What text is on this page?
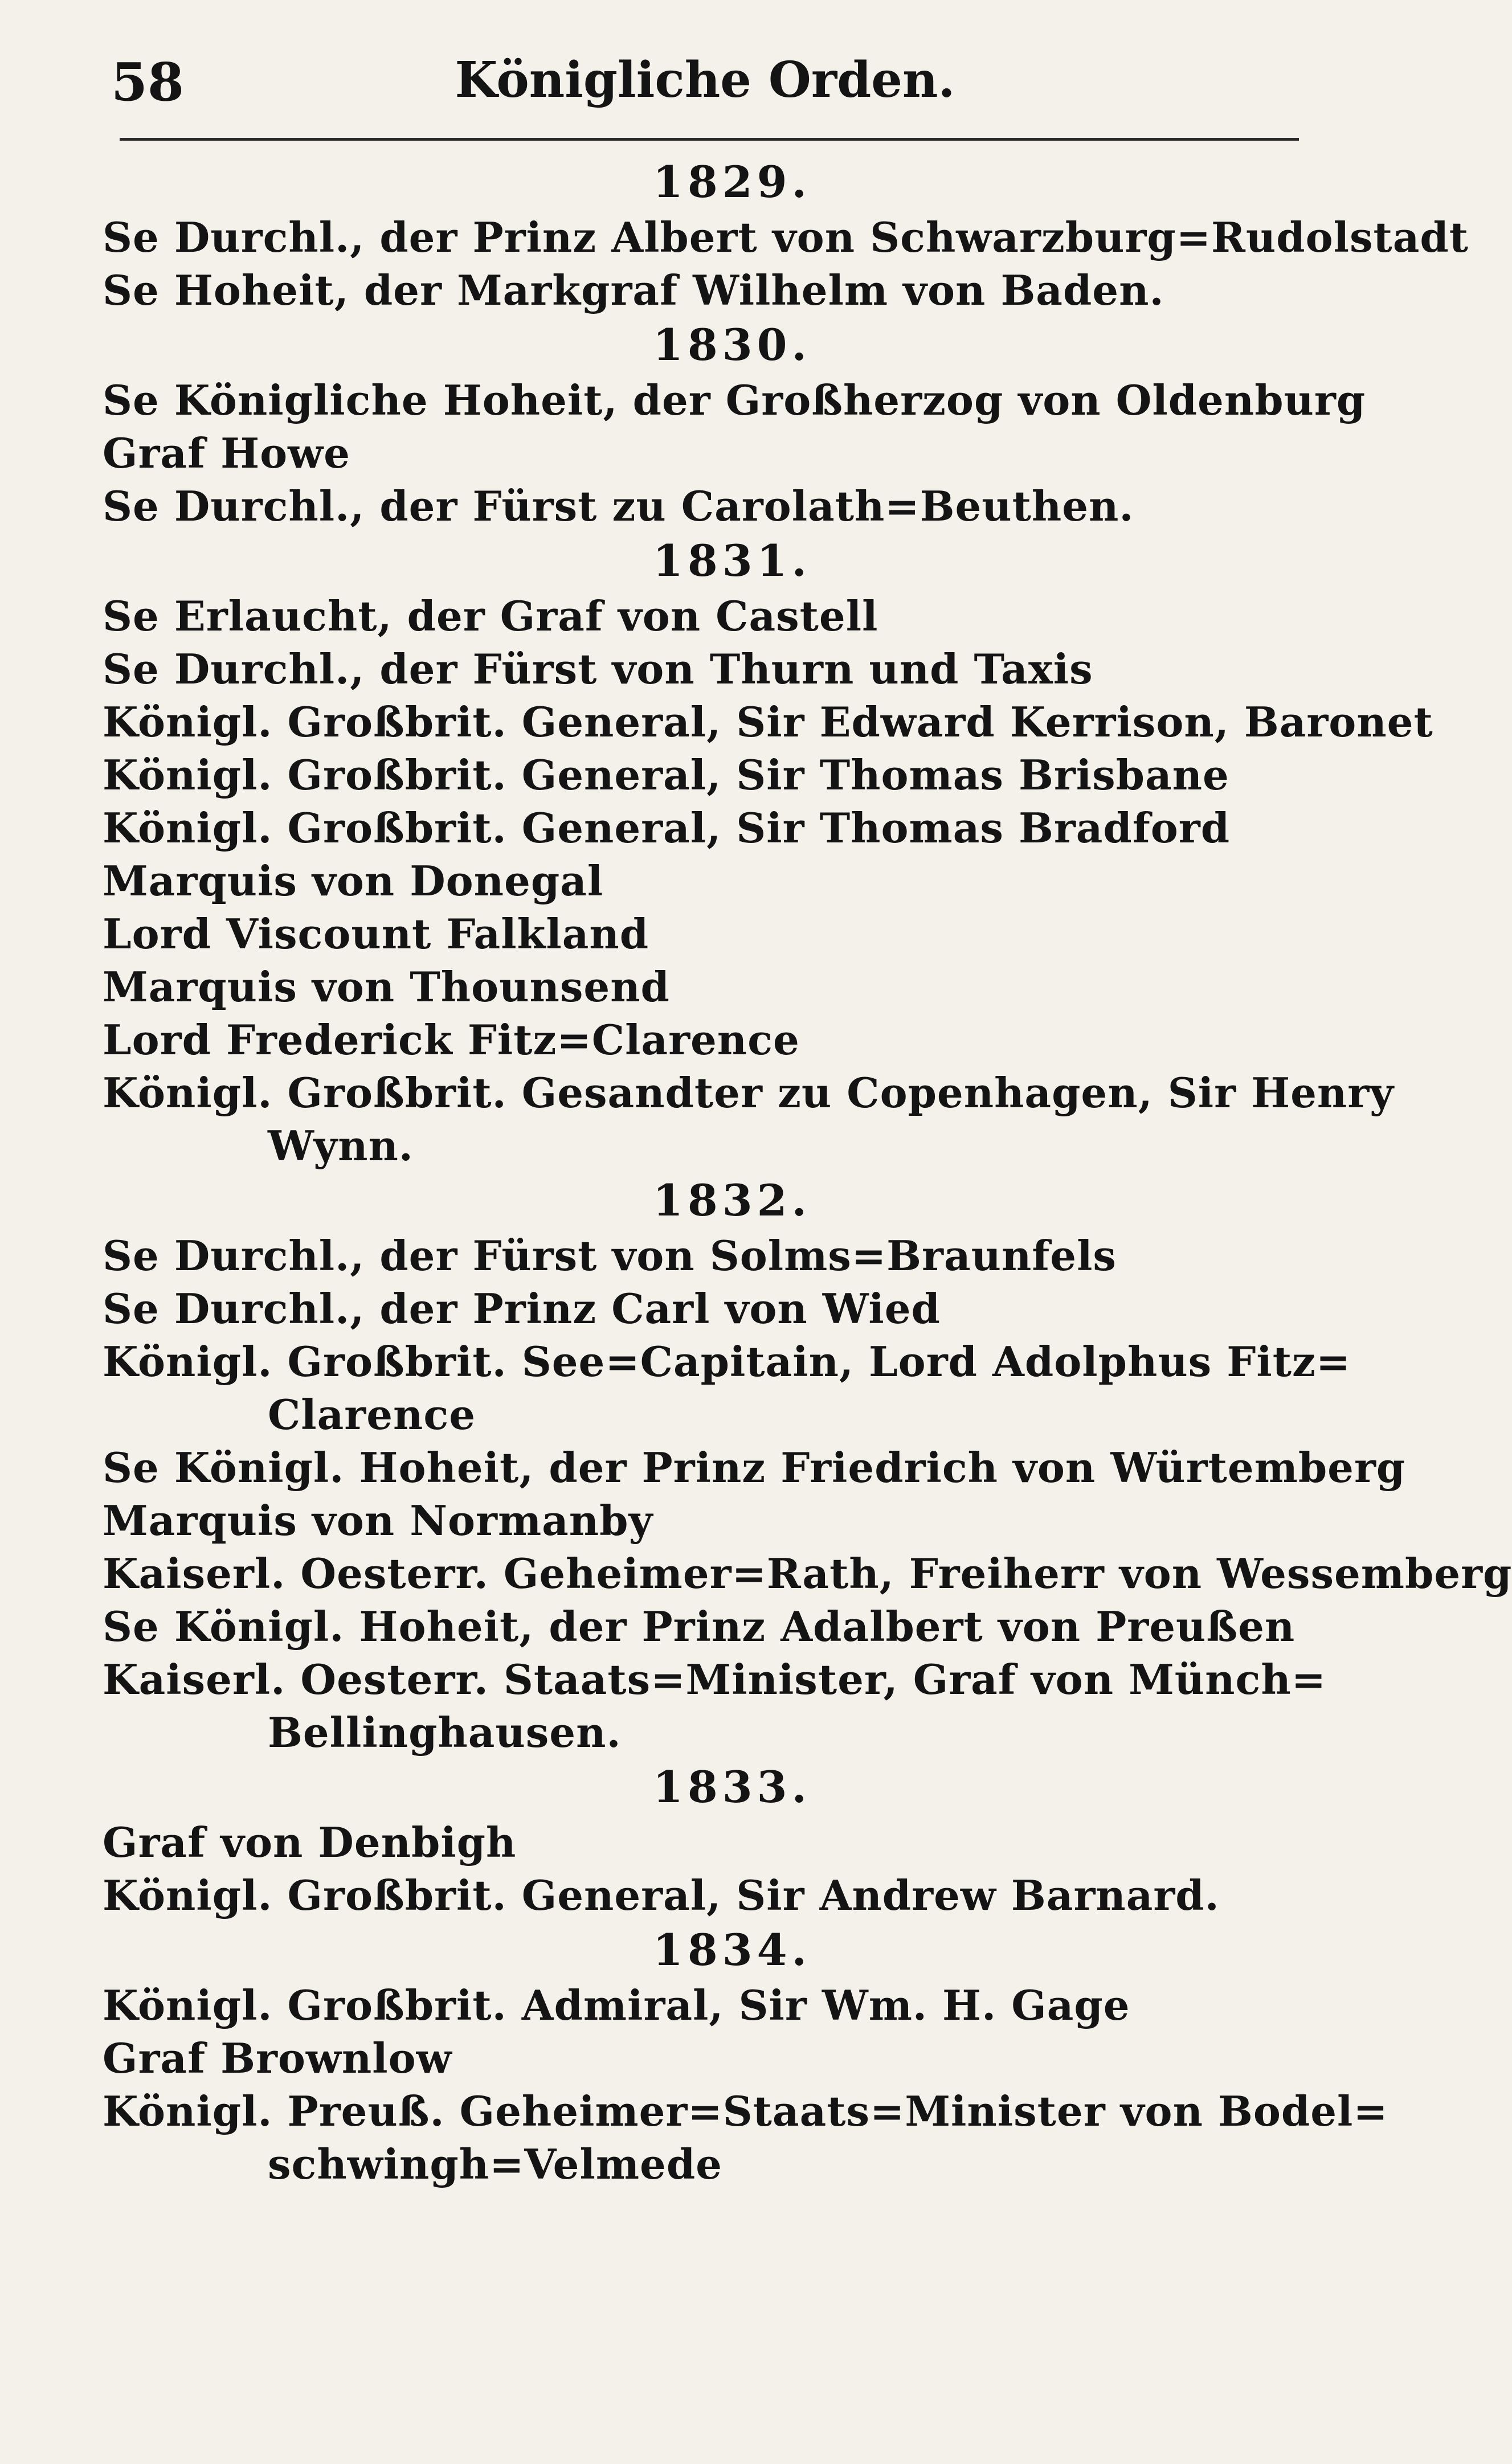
58	Königliche Orden.
1829.
Se Durchl., der Prinz Albert von Schwarzburg=Rudolstadt
Se Hoheit, der Markgraf Wilhelm von Baden.
1830.
Se Königliche Hoheit, der Großherzog von Oldenburg
Graf Howe
Se Durchl., der Fürst zu Carolath=Beuthen.
1831.
Se Erlaucht, der Graf von Castell
Se Durchl., der Fürst von Thurn und Taxis
Königl. Großbrit. General, Sir Edward Kerrison, Baronet
Königl. Großbrit. General, Sir Thomas Brisbane
Königl. Großbrit. General, Sir Thomas Bradford
Marquis von Donegal
Lord Viscount Falkland
Marquis von Thounsend
Lord Frederick Fitz=Clarence
Königl. Großbrit. Gesandter zu Copenhagen, Sir Henry
Wynn.
1832.
Se Durchl., der Fürst von Solms=Braunfels
Se Durchl., der Prinz Carl von Wied
Königl. Großbrit. See=Capitain, Lord Adolphus Fitz=
Clarence
Se Königl. Hoheit, der Prinz Friedrich von Würtemberg
Marquis von Normanby
Kaiserl. Oesterr. Geheimer=Rath, Freiherr von Wessemberg
Se Königl. Hoheit, der Prinz Adalbert von Preußen
Kaiserl. Oesterr. Staats=Minister, Graf von Münch=
Bellinghausen.
1833.
Graf von Denbigh
Königl. Großbrit. General, Sir Andrew Barnard.
1834.
Königl. Großbrit. Admiral, Sir Wm. H. Gage
Graf Brownlow
Königl. Preuß. Geheimer=Staats=Minister von Bodel=
schwingh=Velmede
